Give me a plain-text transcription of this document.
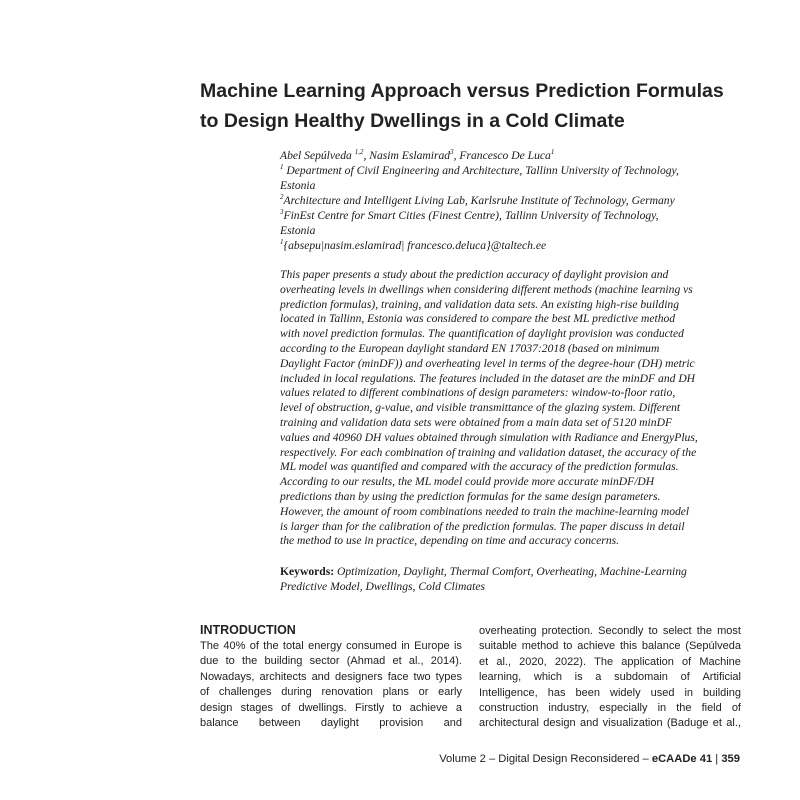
Machine Learning Approach versus Prediction Formulas
to Design Healthy Dwellings in a Cold Climate
Abel Sepúlveda $^{1,2}$, Nasim Eslamirad$^3$, Francesco De Luca$^1$
$^1$ Department of Civil Engineering and Architecture, Tallinn University of Technology,
Estonia
$^2$Architecture and Intelligent Living Lab, Karlsruhe Institute of Technology, Germany
$^3$FinEst Centre for Smart Cities (Finest Centre), Tallinn University of Technology,
Estonia
$^1${absepu|nasim.eslamirad| francesco.deluca}@taltech.ee
This paper presents a study about the prediction accuracy of daylight provision and
overheating levels in dwellings when considering different methods (machine learning vs
prediction formulas), training, and validation data sets. An existing high-rise building
located in Tallinn, Estonia was considered to compare the best ML predictive method
with novel prediction formulas. The quantification of daylight provision was conducted
according to the European daylight standard EN 17037:2018 (based on minimum
Daylight Factor (minDF)) and overheating level in terms of the degree-hour (DH) metric
included in local regulations. The features included in the dataset are the minDF and DH
values related to different combinations of design parameters: window-to-floor ratio,
level of obstruction, g-value, and visible transmittance of the glazing system. Different
training and validation data sets were obtained from a main data set of 5120 minDF
values and 40960 DH values obtained through simulation with Radiance and EnergyPlus,
respectively. For each combination of training and validation dataset, the accuracy of the
ML model was quantified and compared with the accuracy of the prediction formulas.
According to our results, the ML model could provide more accurate minDF/DH
predictions than by using the prediction formulas for the same design parameters.
However, the amount of room combinations needed to train the machine-learning model
is larger than for the calibration of the prediction formulas. The paper discuss in detail
the method to use in practice, depending on time and accuracy concerns.
Keywords: Optimization, Daylight, Thermal Comfort, Overheating, Machine-Learning
Predictive Model, Dwellings, Cold Climates
INTRODUCTION
The 40% of the total energy consumed in Europe is
due to the building sector (Ahmad et al., 2014).
Nowadays, architects and designers face two types
of challenges during renovation plans or early
design stages of dwellings. Firstly to achieve a
balance between daylight provision and
overheating protection. Secondly to select the most
suitable method to achieve this balance (Sepúlveda
et al., 2020, 2022). The application of Machine
learning, which is a subdomain of Artificial
Intelligence, has been widely used in building
construction industry, especially in the field of
architectural design and visualization (Baduge et al.,
Volume 2 – Digital Design Reconsidered – eCAADe 41 | 359
